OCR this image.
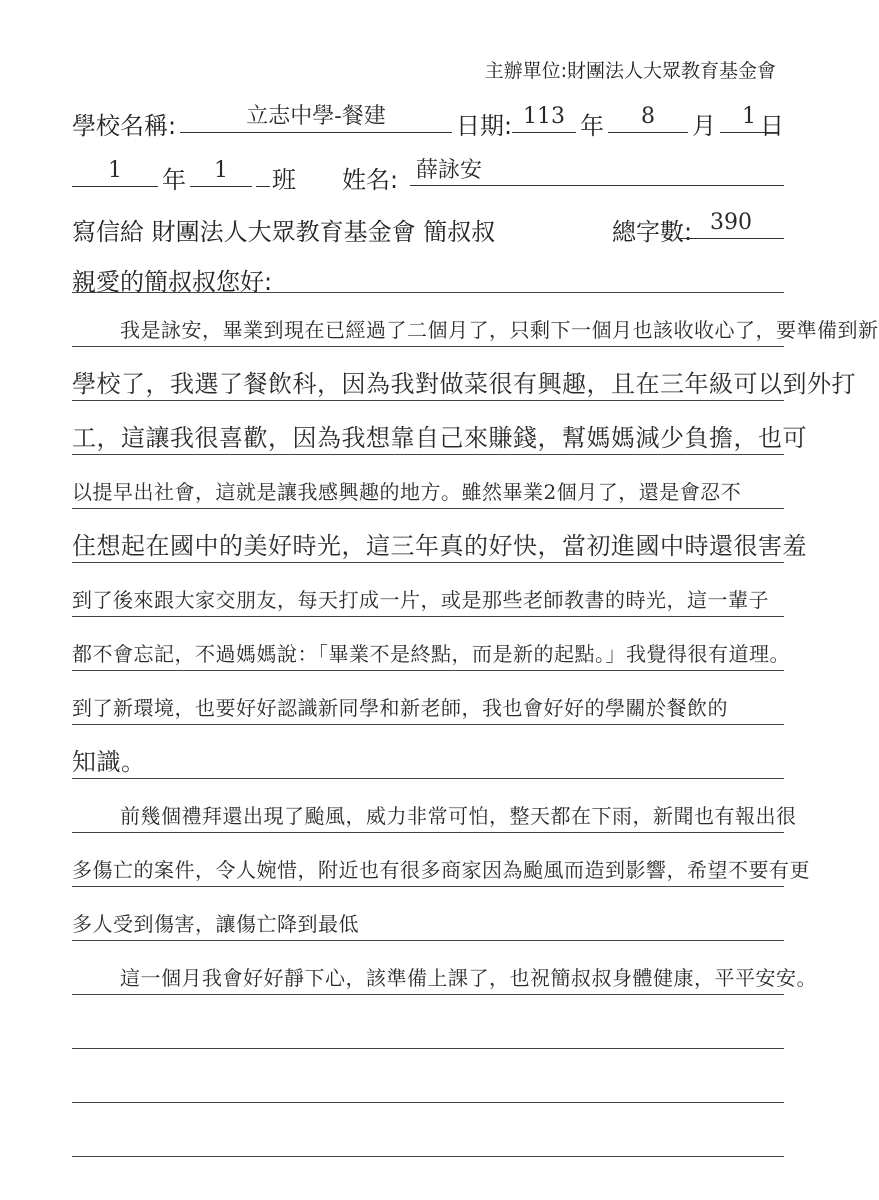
主辦單位:財團法人大眾教育基金會
學校名稱:	立志中學-餐建	日期: 113 年	8	月	1 日
1	年	1	班 姓名: 薛詠安
寫信給 財團法人大眾教育基金會 簡叔叔	總字數: 390
親愛的簡叔叔您好:
我是詠安，畢業到現在已經過了二個月了，只剩下一個月也該收收心了，要準備到新
學校了，我選了餐飲科，因為我對做菜很有興趣，且在三年級可以到外打
工，這讓我很喜歡，因為我想靠自己來賺錢，幫媽媽減少負擔，也可
以提早出社會，這就是讓我感興趣的地方。雖然畢業2個月了，還是會忍不
住想起在國中的美好時光，這三年真的好快，當初進國中時還很害羞
到了後來跟大家交朋友，每天打成一片，或是那些老師教書的時光，這一輩子
都不會忘記，不過媽媽說：「畢業不是終點，而是新的起點。」我覺得很有道理。
到了新環境，也要好好認識新同學和新老師，我也會好好的學關於餐飲的
知識。
前幾個禮拜還出現了颱風，威力非常可怕，整天都在下雨，新聞也有報出很
多傷亡的案件，令人婉惜，附近也有很多商家因為颱風而造到影響，希望不要有更
多人受到傷害，讓傷亡降到最低
這一個月我會好好靜下心，該準備上課了，也祝簡叔叔身體健康，平平安安。
